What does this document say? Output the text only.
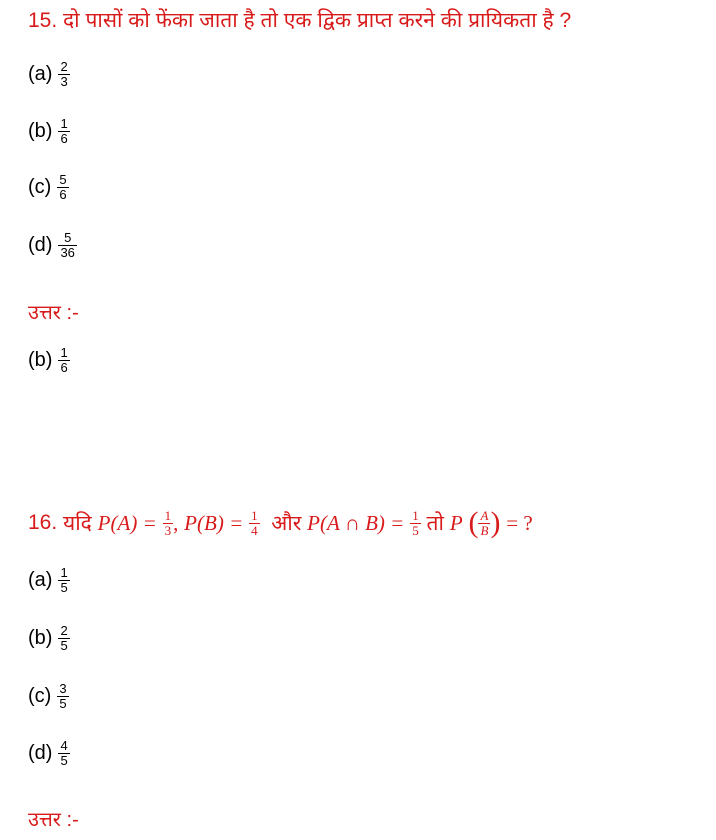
15. दो पासों को फेंका जाता है तो एक द्विक प्राप्त करने की प्रायिकता है ?
$(a) \frac{2}{3}$
$(b) \frac{1}{6}$
$(c) \frac{5}{6}$
$(d) \frac{5}{36}$
उत्तर :-
$(b) \frac{1}{6}$
16.
यदि
P(A) =
$\frac{1}{3}$ ,
P(B) =
$\frac{1}{4}$
और
P(A ∩ B) =
$\frac{1}{5}$
तो
P
( $\frac{A}{B}$ )
= ?
$(a) \frac{1}{5}$
$(b) \frac{2}{5}$
$(c) \frac{3}{5}$
$(d) \frac{4}{5}$
उत्तर :-
